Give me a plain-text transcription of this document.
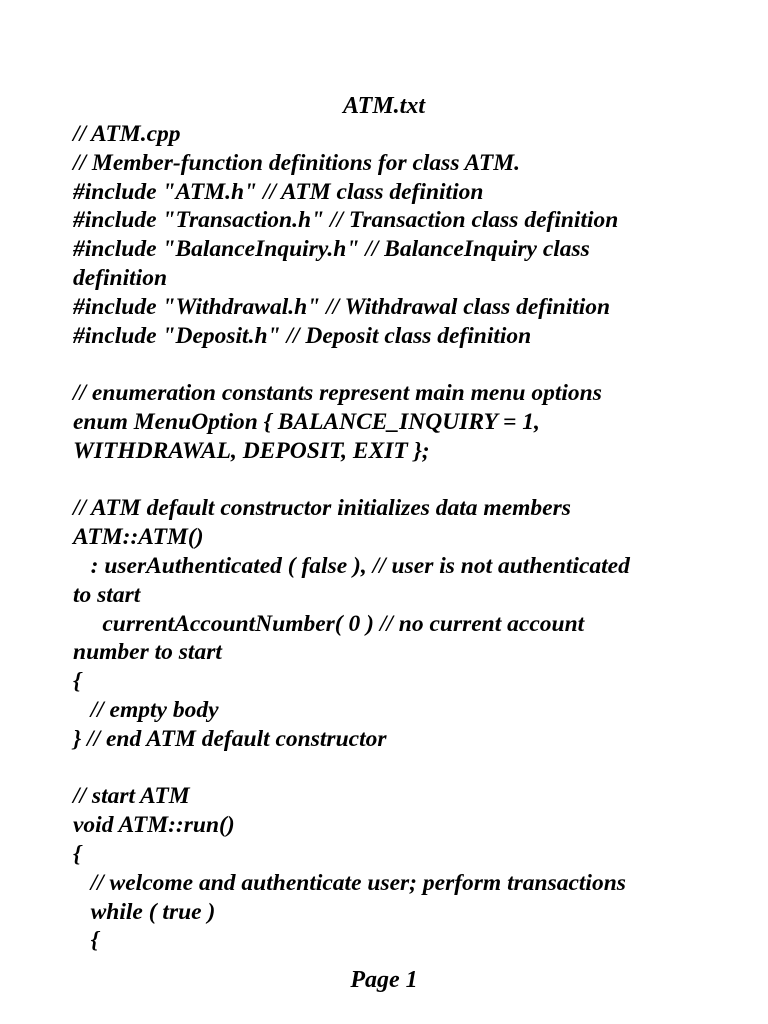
ATM.txt
// ATM.cpp
// Member-function definitions for class ATM.
#include "ATM.h" // ATM class definition
#include "Transaction.h" // Transaction class definition
#include "BalanceInquiry.h" // BalanceInquiry class
definition
#include "Withdrawal.h" // Withdrawal class definition
#include "Deposit.h" // Deposit class definition
// enumeration constants represent main menu options
enum MenuOption { BALANCE_INQUIRY = 1,
WITHDRAWAL, DEPOSIT, EXIT };
// ATM default constructor initializes data members
ATM::ATM()
: userAuthenticated ( false ), // user is not authenticated
to start
currentAccountNumber( 0 ) // no current account
number to start
{
// empty body
} // end ATM default constructor
// start ATM
void ATM::run()
{
// welcome and authenticate user; perform transactions
while ( true )
{
Page 1
